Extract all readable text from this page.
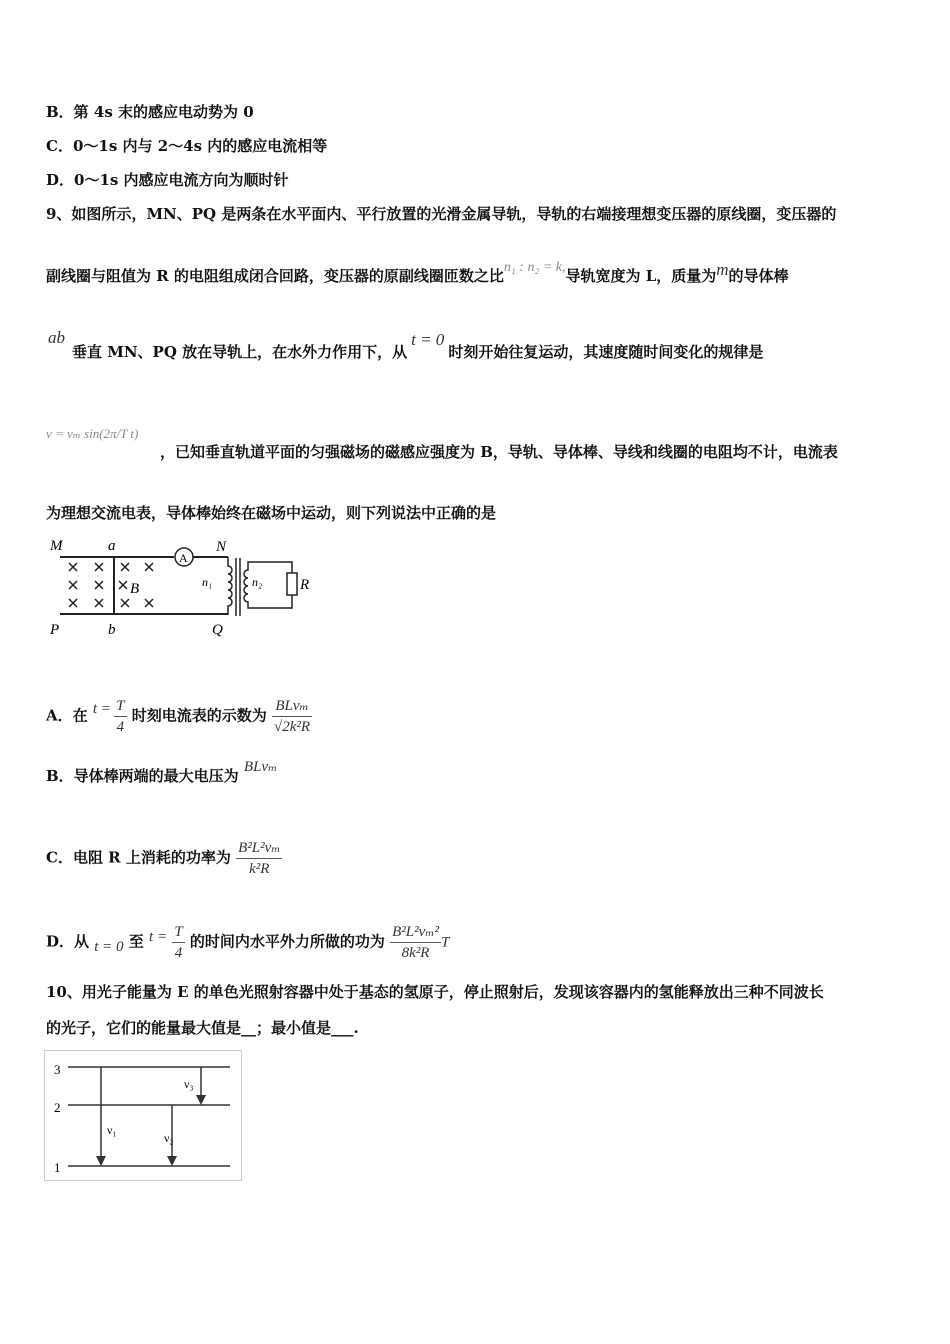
B．第 4s 末的感应电动势为 0
C．0～1s 内与 2～4s 内的感应电流相等
D．0～1s 内感应电流方向为顺时针
9、如图所示，MN、PQ 是两条在水平面内、平行放置的光滑金属导轨，导轨的右端接理想变压器的原线圈，变压器的
副线圈与阻值为 R 的电阻组成闭合回路，变压器的原副线圈匝数之比n₁ : n₂ = k,导轨宽度为 L，质量为m的导体棒
ab
垂直 MN、PQ 放在导轨上，在水外力作用下，从t = 0时刻开始往复运动，其速度随时间变化的规律是
v = vₘ sin(2π/T t)
，已知垂直轨道平面的匀强磁场的磁感应强度为 B，导轨、导体棒、导线和线圈的电阻均不计，电流表
为理想交流电表，导体棒始终在磁场中运动，则下列说法中正确的是
M	a	N
P	b	Q
A
B	n₁	n₂	R
A．在 $t = \frac{T}{4}$ 时刻电流表的示数为 $\frac{\text{BLvₘ}}{\text{√2k²R}}$
B．导体棒两端的最大电压为 BLvₘ
C．电阻 R 上消耗的功率为 $\frac{\text{B²L²vₘ}}{\text{k²R}}$
D．从 t = 0 至 $t = \frac{T}{4}$ 的时间内水平外力所做的功为 $\frac{\text{B²L²vₘ²}}{\text{8k²R}}$ T
10、用光子能量为 E 的单色光照射容器中处于基态的氢原子，停止照射后，发现该容器内的氢能释放出三种不同波长
的光子，它们的能量最大值是__；最小值是___.
3
2
1
ν₁
ν₂
ν₃
